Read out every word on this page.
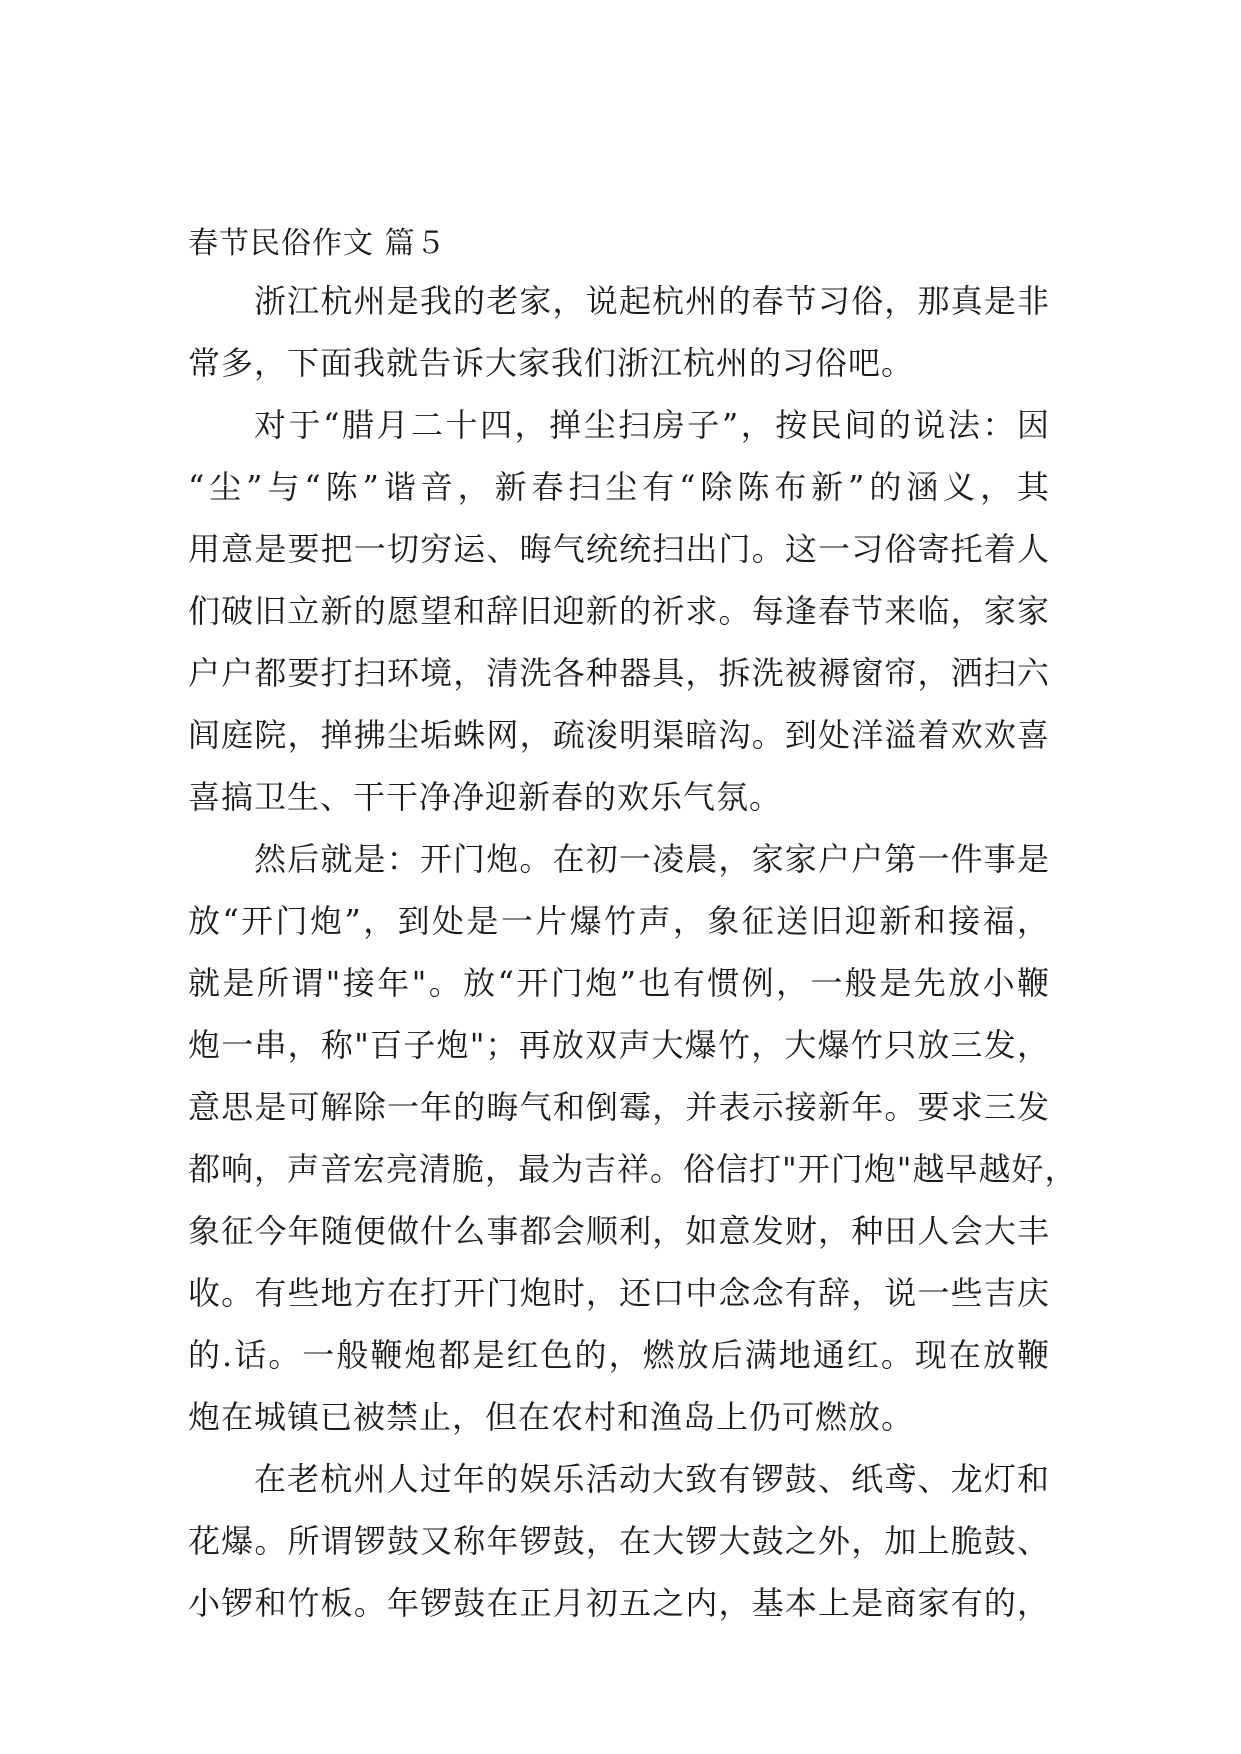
春节民俗作文 篇５
浙江杭州是我的老家，说起杭州的春节习俗，那真是非
常多，下面我就告诉大家我们浙江杭州的习俗吧。
对于“腊月二十四，掸尘扫房子”，按民间的说法：因
“尘”与“陈”谐音，新春扫尘有“除陈布新”的涵义，其
用意是要把一切穷运、晦气统统扫出门。这一习俗寄托着人
们破旧立新的愿望和辞旧迎新的祈求。每逢春节来临，家家
户户都要打扫环境，清洗各种器具，拆洗被褥窗帘，洒扫六
闾庭院，掸拂尘垢蛛网，疏浚明渠暗沟。到处洋溢着欢欢喜
喜搞卫生、干干净净迎新春的欢乐气氛。
然后就是：开门炮。在初一凌晨，家家户户第一件事是
放“开门炮”，到处是一片爆竹声，象征送旧迎新和接福，
就是所谓"接年"。放“开门炮”也有惯例，一般是先放小鞭
炮一串，称"百子炮"；再放双声大爆竹，大爆竹只放三发，
意思是可解除一年的晦气和倒霉，并表示接新年。要求三发
都响，声音宏亮清脆，最为吉祥。俗信打"开门炮"越早越好，
象征今年随便做什么事都会顺利，如意发财，种田人会大丰
收。有些地方在打开门炮时，还口中念念有辞，说一些吉庆
的.话。一般鞭炮都是红色的，燃放后满地通红。现在放鞭
炮在城镇已被禁止，但在农村和渔岛上仍可燃放。
在老杭州人过年的娱乐活动大致有锣鼓、纸鸢、龙灯和
花爆。所谓锣鼓又称年锣鼓，在大锣大鼓之外，加上脆鼓、
小锣和竹板。年锣鼓在正月初五之内，基本上是商家有的，
